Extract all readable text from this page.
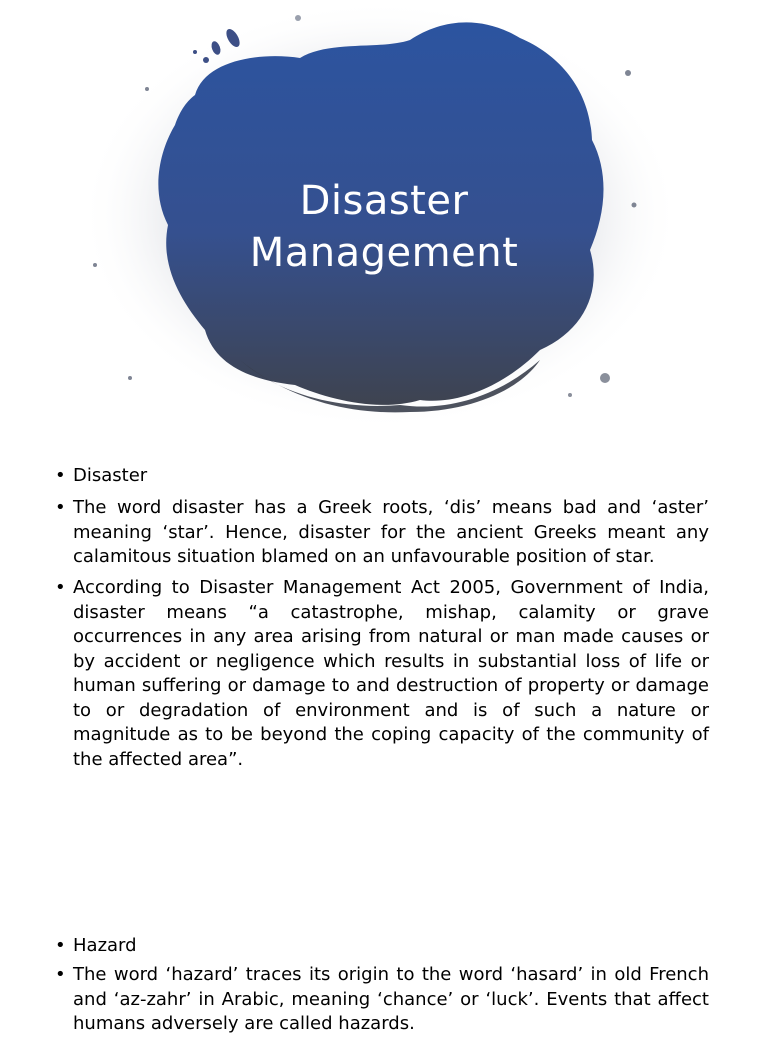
Disaster
Management
• Disaster
• The word disaster has a Greek roots, ‘dis’ means bad and ‘aster’ meaning ‘star’. Hence, disaster for the ancient Greeks meant any calamitous situation blamed on an unfavourable position of star.
• According to Disaster Management Act 2005, Government of India, disaster means “a catastrophe, mishap, calamity or grave occurrences in any area arising from natural or man made causes or by accident or negligence which results in substantial loss of life or human suffering or damage to and destruction of property or damage to or degradation of environment and is of such a nature or magnitude as to be beyond the coping capacity of the community of the affected area”.
• Hazard
• The word ‘hazard’ traces its origin to the word ‘hasard’ in old French and ‘az-zahr’ in Arabic, meaning ‘chance’ or ‘luck’. Events that affect humans adversely are called hazards.
